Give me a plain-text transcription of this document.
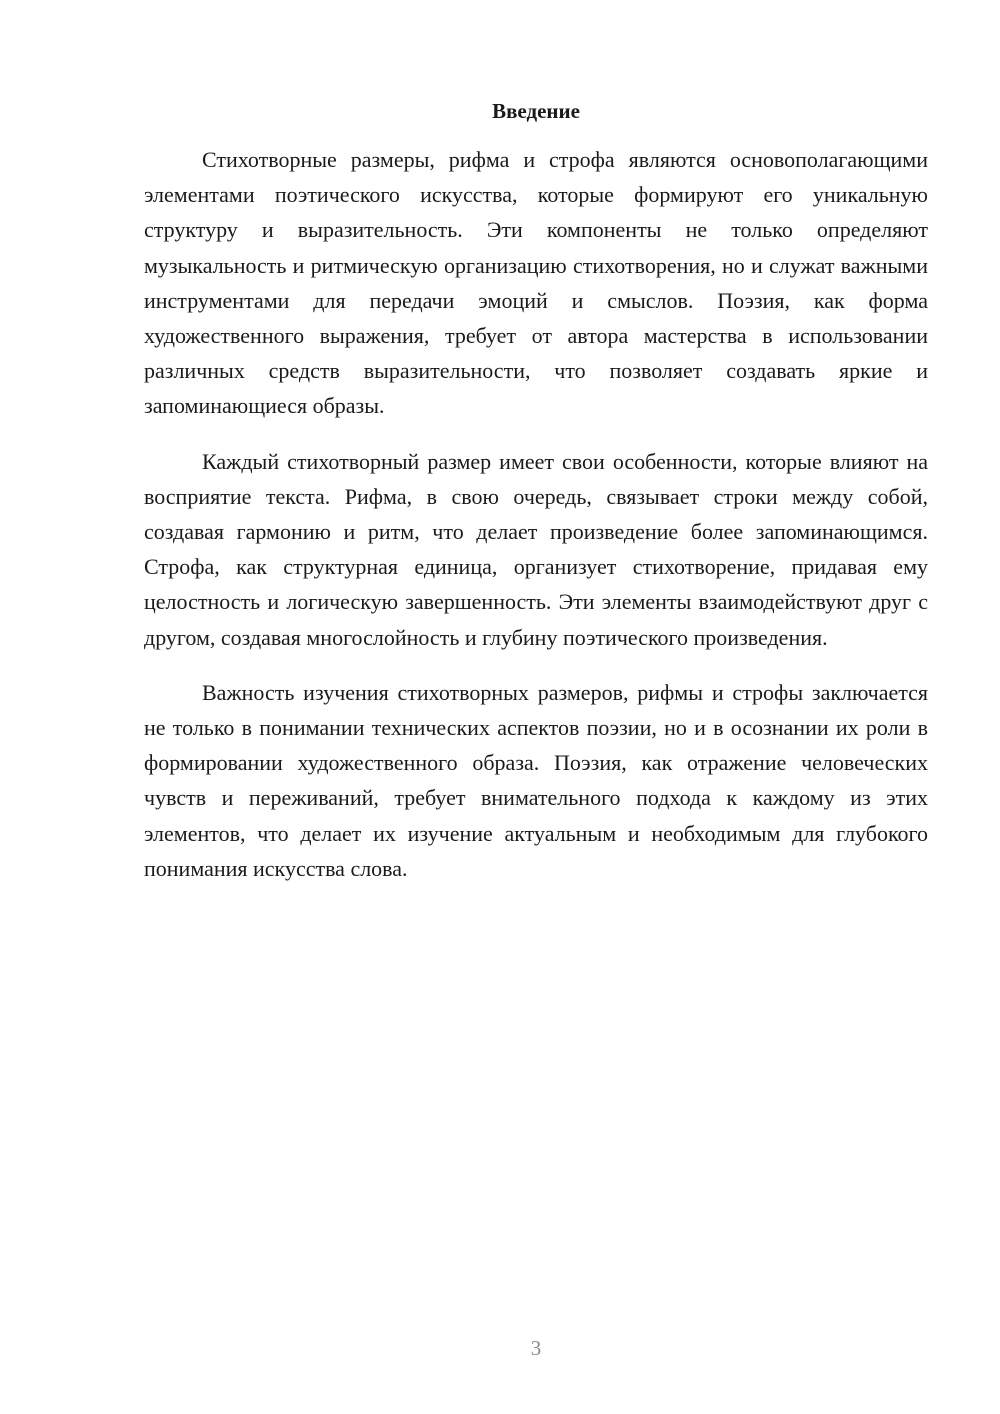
Введение

Стихотворные размеры, рифма и строфа являются основополагающими элементами поэтического искусства, которые формируют его уникальную структуру и выразительность. Эти компоненты не только определяют музыкальность и ритмическую организацию стихотворения, но и служат важными инструментами для передачи эмоций и смыслов. Поэзия, как форма художественного выражения, требует от автора мастерства в использовании различных средств выразительности, что позволяет создавать яркие и запоминающиеся образы.

Каждый стихотворный размер имеет свои особенности, которые влияют на восприятие текста. Рифма, в свою очередь, связывает строки между собой, создавая гармонию и ритм, что делает произведение более запоминающимся. Строфа, как структурная единица, организует стихотворение, придавая ему целостность и логическую завершенность. Эти элементы взаимодействуют друг с другом, создавая многослойность и глубину поэтического произведения.

Важность изучения стихотворных размеров, рифмы и строфы заключается не только в понимании технических аспектов поэзии, но и в осознании их роли в формировании художественного образа. Поэзия, как отражение человеческих чувств и переживаний, требует внимательного подхода к каждому из этих элементов, что делает их изучение актуальным и необходимым для глубокого понимания искусства слова.

3
